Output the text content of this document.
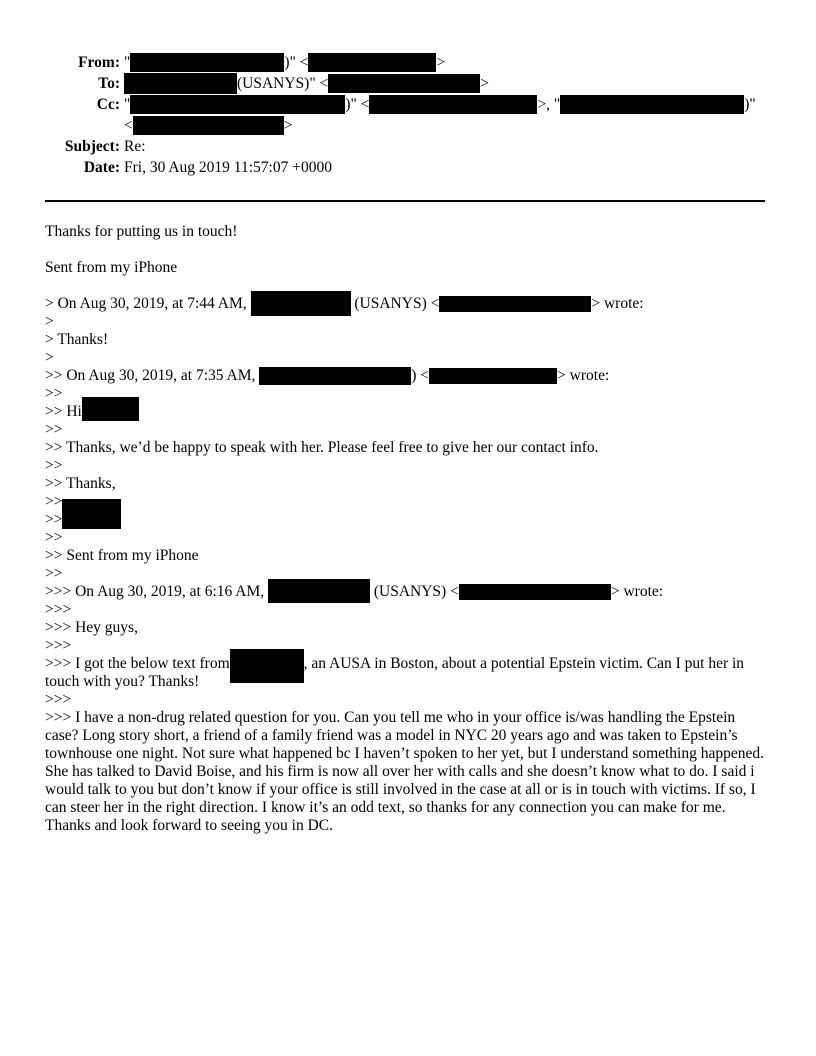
From: "	)" <	>
To:	(USANYS)" <	>
Cc: "	)" <	>, "	)"
<	>
Subject: Re:
Date: Fri, 30 Aug 2019 11:57:07 +0000
Thanks for putting us in touch!
Sent from my iPhone
> On Aug 30, 2019, at 7:44 AM,	(USANYS) <	> wrote:
>
> Thanks!
>
>> On Aug 30, 2019, at 7:35 AM,	) <	> wrote:
>>
>> Hi
>>
>> Thanks, we’d be happy to speak with her. Please feel free to give her our contact info.
>>
>> Thanks,
>>
>>
>>
>> Sent from my iPhone
>>
>>> On Aug 30, 2019, at 6:16 AM,	(USANYS) <	> wrote:
>>>
>>> Hey guys,
>>>
>>> I got the below text from	, an AUSA in Boston, about a potential Epstein victim. Can I put her in touch with you? Thanks!
>>>
>>> I have a non-drug related question for you. Can you tell me who in your office is/was handling the Epstein case? Long story short, a friend of a family friend was a model in NYC 20 years ago and was taken to Epstein’s townhouse one night. Not sure what happened bc I haven’t spoken to her yet, but I understand something happened. She has talked to David Boise, and his firm is now all over her with calls and she doesn’t know what to do. I said i would talk to you but don’t know if your office is still involved in the case at all or is in touch with victims. If so, I can steer her in the right direction. I know it’s an odd text, so thanks for any connection you can make for me. Thanks and look forward to seeing you in DC.
